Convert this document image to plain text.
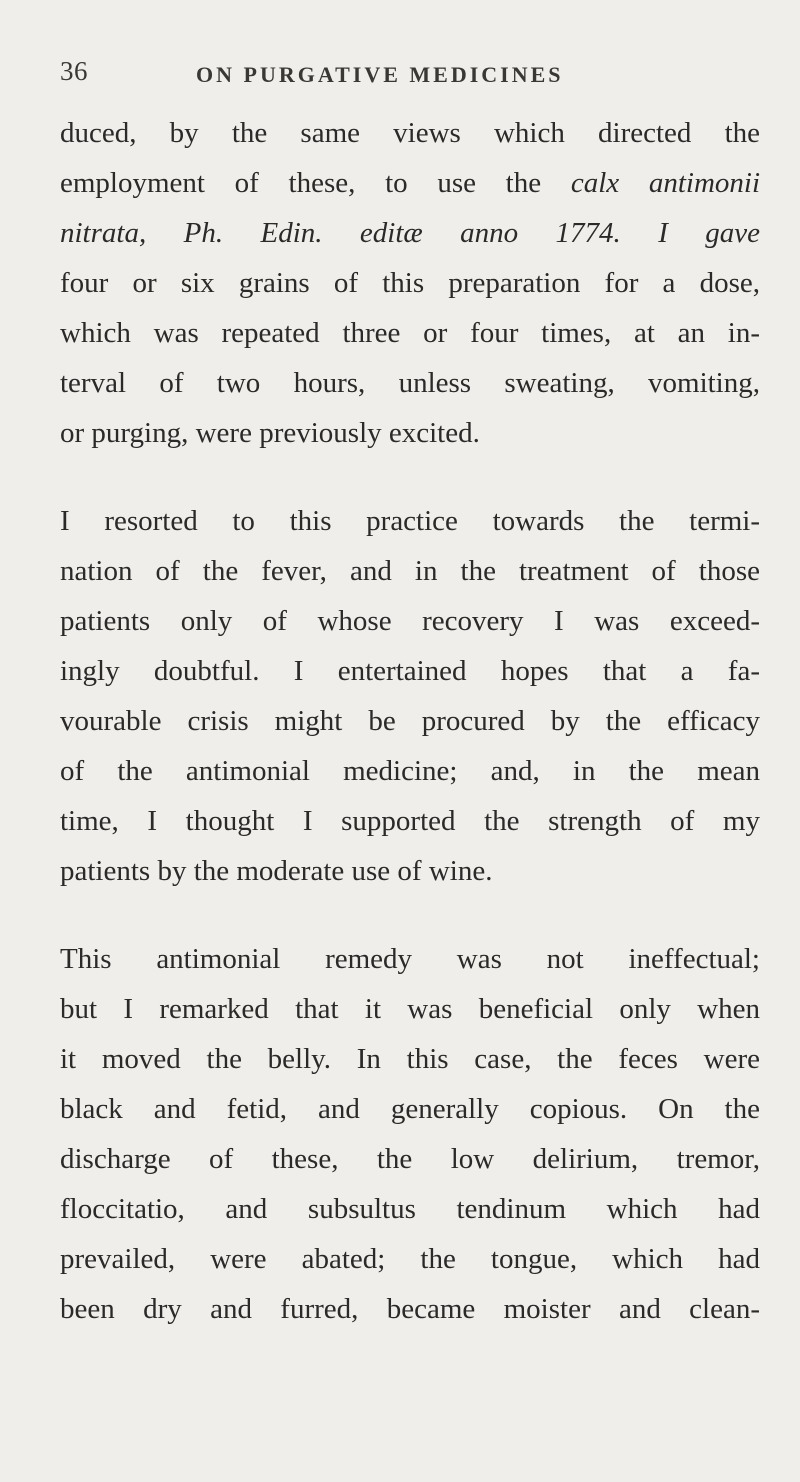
36	ON PURGATIVE MEDICINES

duced, by the same views which directed the
employment of these, to use the calx antimonii
nitrata, Ph. Edin. editæ anno 1774. I gave
four or six grains of this preparation for a dose,
which was repeated three or four times, at an in-
terval of two hours, unless sweating, vomiting,
or purging, were previously excited.

I resorted to this practice towards the termi-
nation of the fever, and in the treatment of those
patients only of whose recovery I was exceed-
ingly doubtful. I entertained hopes that a fa-
vourable crisis might be procured by the efficacy
of the antimonial medicine; and, in the mean
time, I thought I supported the strength of my
patients by the moderate use of wine.

This antimonial remedy was not ineffectual;
but I remarked that it was beneficial only when
it moved the belly. In this case, the feces were
black and fetid, and generally copious. On the
discharge of these, the low delirium, tremor,
floccitatio, and subsultus tendinum which had
prevailed, were abated; the tongue, which had
been dry and furred, became moister and clean-
